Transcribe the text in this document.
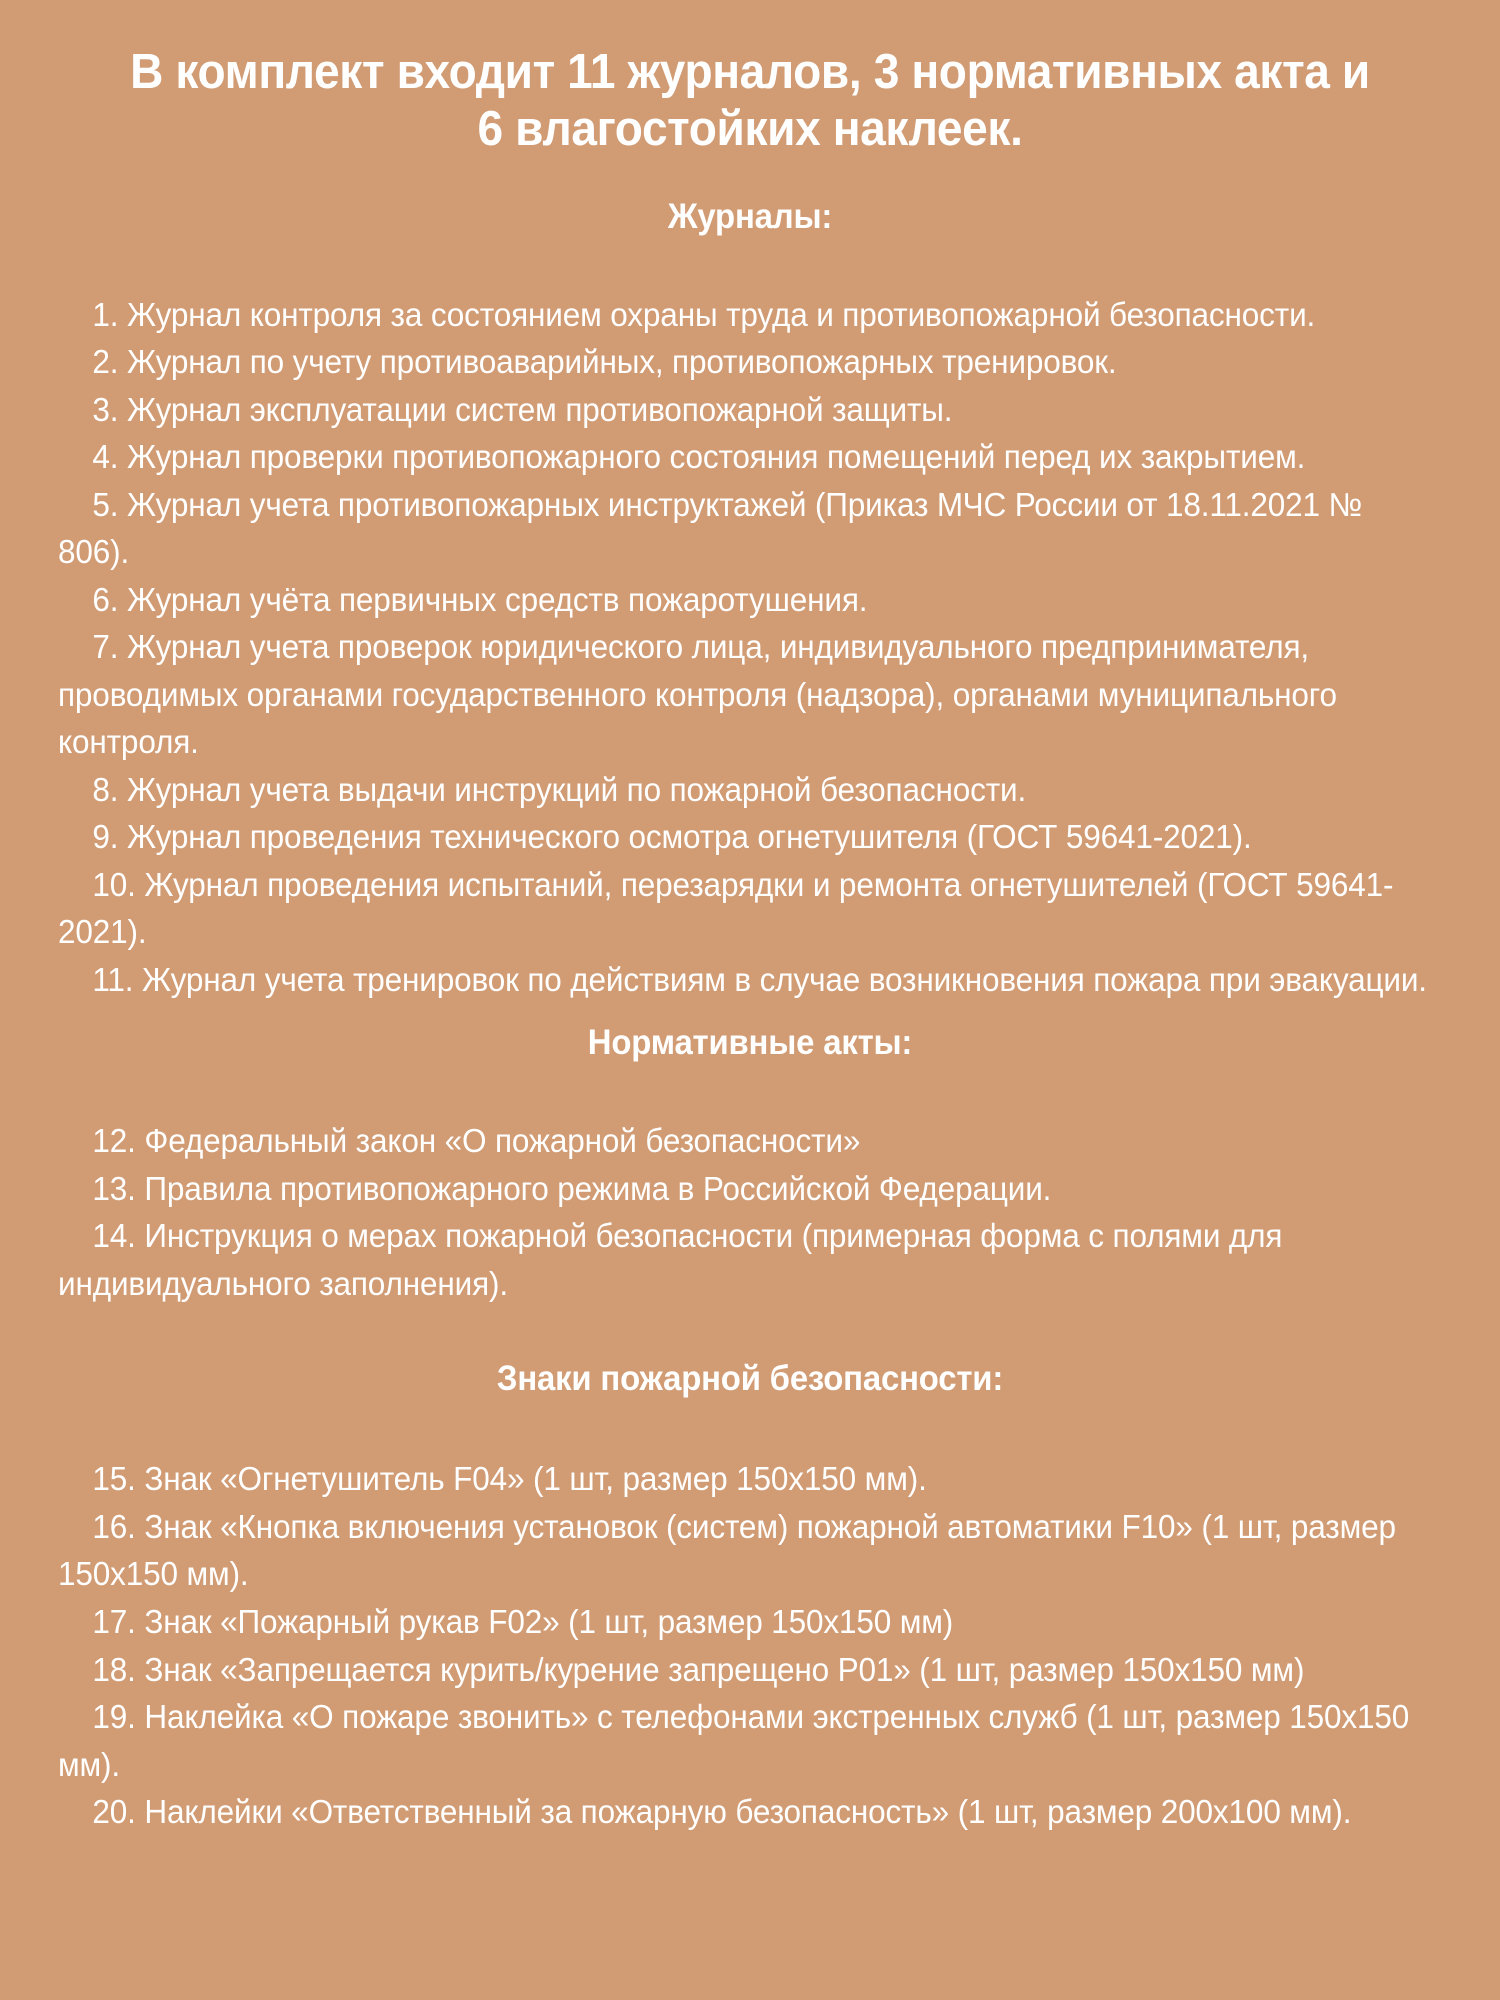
В комплект входит 11 журналов, 3 нормативных акта и 6 влагостойких наклеек.
Журналы:
1. Журнал контроля за состоянием охраны труда и противопожарной безопасности.
2. Журнал по учету противоаварийных, противопожарных тренировок.
3. Журнал эксплуатации систем противопожарной защиты.
4. Журнал проверки противопожарного состояния помещений перед их закрытием.
5. Журнал учета противопожарных инструктажей (Приказ МЧС России от 18.11.2021 № 806).
6. Журнал учёта первичных средств пожаротушения.
7. Журнал учета проверок юридического лица, индивидуального предпринимателя, проводимых органами государственного контроля (надзора), органами муниципального контроля.
8. Журнал учета выдачи инструкций по пожарной безопасности.
9. Журнал проведения технического осмотра огнетушителя (ГОСТ 59641-2021).
10. Журнал проведения испытаний, перезарядки и ремонта огнетушителей (ГОСТ 59641-2021).
11. Журнал учета тренировок по действиям в случае возникновения пожара при эвакуации.
Нормативные акты:
12. Федеральный закон «О пожарной безопасности»
13. Правила противопожарного режима в Российской Федерации.
14. Инструкция о мерах пожарной безопасности (примерная форма с полями для индивидуального заполнения).
Знаки пожарной безопасности:
15. Знак «Огнетушитель F04» (1 шт, размер 150х150 мм).
16. Знак «Кнопка включения установок (систем) пожарной автоматики F10» (1 шт, размер 150х150 мм).
17. Знак «Пожарный рукав F02» (1 шт, размер 150х150 мм)
18. Знак «Запрещается курить/курение запрещено P01» (1 шт, размер 150х150 мм)
19. Наклейка «О пожаре звонить» с телефонами экстренных служб (1 шт, размер 150х150 мм).
20. Наклейки «Ответственный за пожарную безопасность» (1 шт, размер 200х100 мм).
